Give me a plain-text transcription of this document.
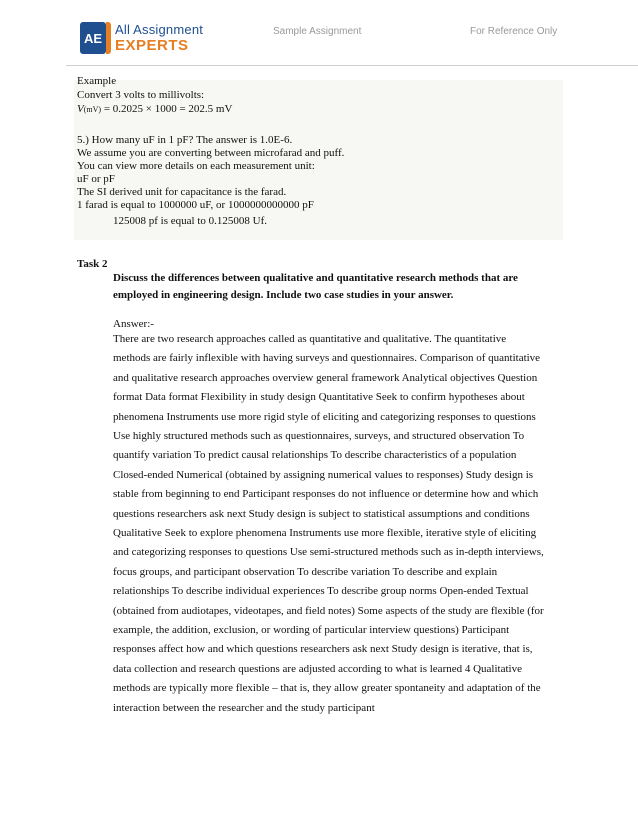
AE
All Assignment
EXPERTS
Sample Assignment	For Reference Only
Example
Convert 3 volts to millivolts:
V(mV) = 0.2025 × 1000 = 202.5 mV
5.) How many uF in 1 pF? The answer is 1.0E-6.
We assume you are converting between microfarad and puff.
You can view more details on each measurement unit:
uF or pF
The SI derived unit for capacitance is the farad.
1 farad is equal to 1000000 uF, or 1000000000000 pF
125008 pf is equal to 0.125008 Uf.
Task 2
Discuss the differences between qualitative and quantitative research methods that are
employed in engineering design. Include two case studies in your answer.
Answer:-
There are two research approaches called as quantitative and qualitative. The quantitative
methods are fairly inflexible with having surveys and questionnaires. Comparison of quantitative
and qualitative research approaches overview general framework Analytical objectives Question
format Data format Flexibility in study design Quantitative Seek to confirm hypotheses about
phenomena Instruments use more rigid style of eliciting and categorizing responses to questions
Use highly structured methods such as questionnaires, surveys, and structured observation To
quantify variation To predict causal relationships To describe characteristics of a population
Closed-ended Numerical (obtained by assigning numerical values to responses) Study design is
stable from beginning to end Participant responses do not influence or determine how and which
questions researchers ask next Study design is subject to statistical assumptions and conditions
Qualitative Seek to explore phenomena Instruments use more flexible, iterative style of eliciting
and categorizing responses to questions Use semi-structured methods such as in-depth interviews,
focus groups, and participant observation To describe variation To describe and explain
relationships To describe individual experiences To describe group norms Open-ended Textual
(obtained from audiotapes, videotapes, and field notes) Some aspects of the study are flexible (for
example, the addition, exclusion, or wording of particular interview questions) Participant
responses affect how and which questions researchers ask next Study design is iterative, that is,
data collection and research questions are adjusted according to what is learned 4 Qualitative
methods are typically more flexible – that is, they allow greater spontaneity and adaptation of the
interaction between the researcher and the study participant
